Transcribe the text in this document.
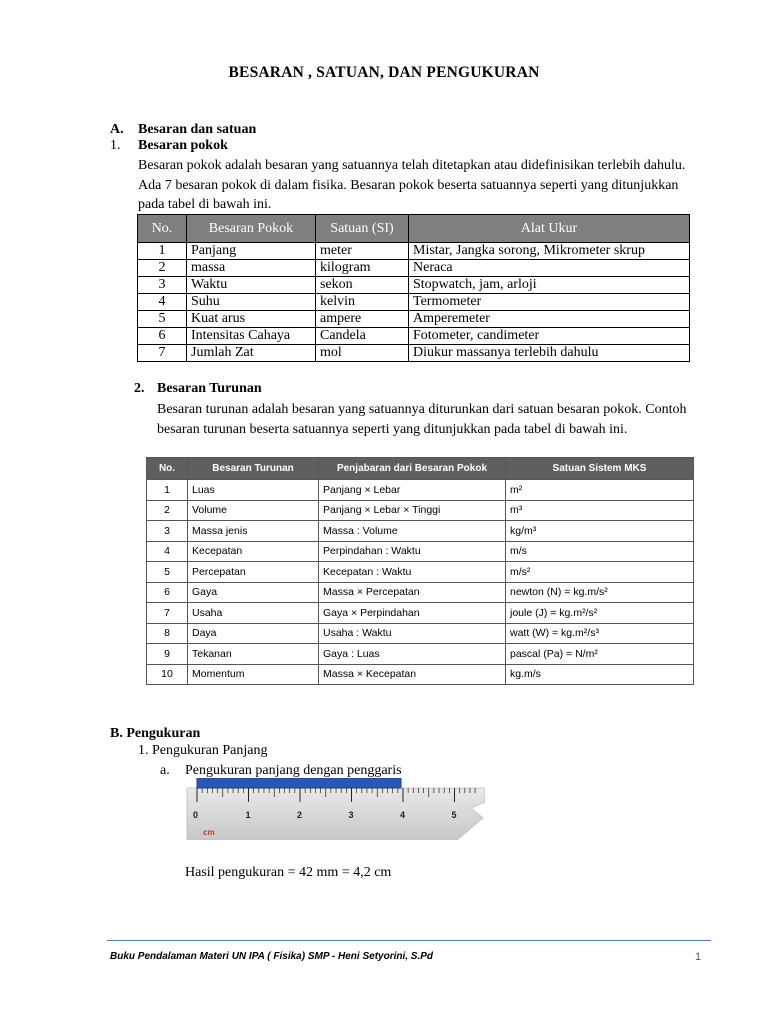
BESARAN , SATUAN, DAN PENGUKURAN
A. Besaran dan satuan
1. Besaran pokok
Besaran pokok adalah besaran yang satuannya telah ditetapkan atau didefinisikan terlebih dahulu. Ada 7 besaran pokok di dalam fisika. Besaran pokok beserta satuannya seperti yang ditunjukkan pada tabel di bawah ini.
No.	Besaran Pokok	Satuan (SI)	Alat Ukur
1	Panjang	meter	Mistar, Jangka sorong, Mikrometer skrup
2	massa	kilogram	Neraca
3	Waktu	sekon	Stopwatch, jam, arloji
4	Suhu	kelvin	Termometer
5	Kuat arus	ampere	Amperemeter
6	Intensitas Cahaya	Candela	Fotometer, candimeter
7	Jumlah Zat	mol	Diukur massanya terlebih dahulu
2. Besaran Turunan
Besaran turunan adalah besaran yang satuannya diturunkan dari satuan besaran pokok. Contoh besaran turunan beserta satuannya seperti yang ditunjukkan pada tabel di bawah ini.
No.	Besaran Turunan	Penjabaran dari Besaran Pokok	Satuan Sistem MKS
1	Luas	Panjang × Lebar	m²
2	Volume	Panjang × Lebar × Tinggi	m³
3	Massa jenis	Massa : Volume	kg/m³
4	Kecepatan	Perpindahan : Waktu	m/s
5	Percepatan	Kecepatan : Waktu	m/s²
6	Gaya	Massa × Percepatan	newton (N) = kg.m/s²
7	Usaha	Gaya × Perpindahan	joule (J) = kg.m²/s²
8	Daya	Usaha : Waktu	watt (W) = kg.m²/s³
9	Tekanan	Gaya : Luas	pascal (Pa) = N/m²
10	Momentum	Massa × Kecepatan	kg.m/s
B. Pengukuran
1. Pengukuran Panjang
a. Pengukuran panjang dengan penggaris
0	1	2	3	4	5
cm
Hasil pengukuran = 42 mm = 4,2 cm
Buku Pendalaman Materi UN IPA ( Fisika) SMP - Heni Setyorini, S.Pd	1
